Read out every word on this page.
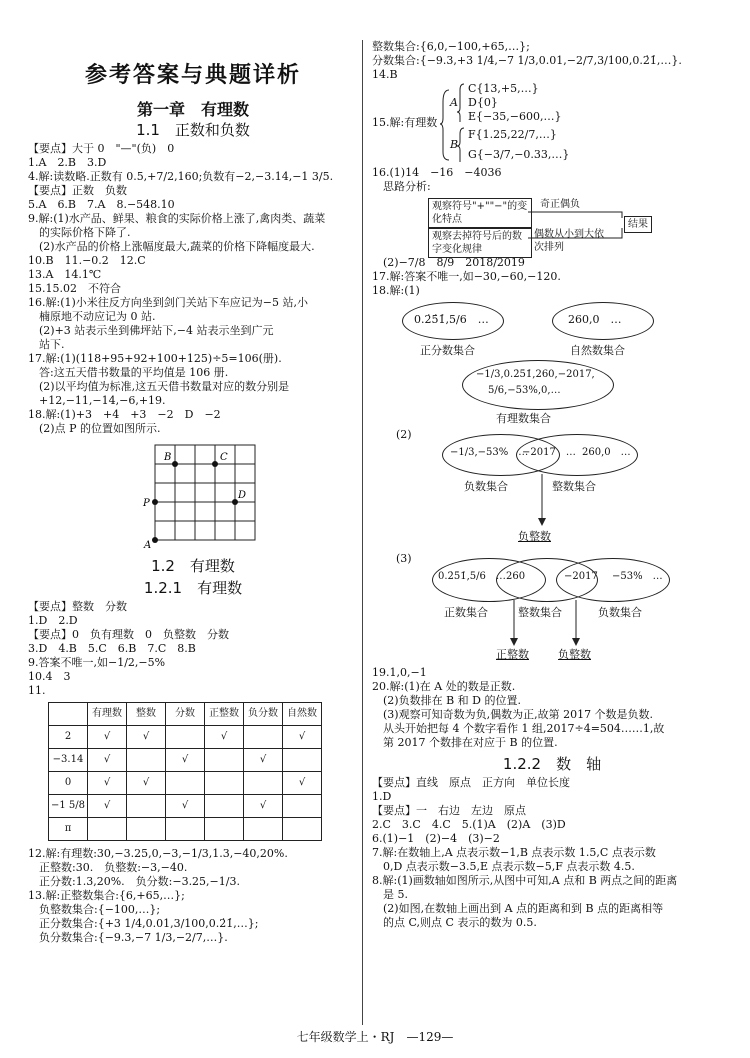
参考答案与典题详析
第一章　有理数
1.1　正数和负数
【要点】大于 0　"—"(负)　0
1.A　2.B　3.D
4.解:读数略.正数有 0.5,+7/2,160;负数有−2,−3.14,−1 3/5.
【要点】正数　负数
5.A　6.B　7.A　8.−548.10
9.解:(1)水产品、鲜果、粮食的实际价格上涨了,禽肉类、蔬菜
　的实际价格下降了.
　(2)水产品的价格上涨幅度最大,蔬菜的价格下降幅度最大.
10.B　11.−0.2　12.C
13.A　14.1℃
15.15.02　不符合
16.解:(1)小米往反方向坐到剑门关站下车应记为−5 站,小
　楠原地不动应记为 0 站.
　(2)+3 站表示坐到佛坪站下,−4 站表示坐到广元
　站下.
17.解:(1)(118+95+92+100+125)÷5=106(册).
　答:这五天借书数量的平均值是 106 册.
　(2)以平均值为标准,这五天借书数量对应的数分别是
　+12,−11,−14,−6,+19.
18.解:(1)+3　+4　+3　−2　D　−2
　(2)点 P 的位置如图所示.
A
B	C
P
D
1.2　有理数
1.2.1　有理数
【要点】整数　分数
1.D　2.D
【要点】0　负有理数　0　负整数　分数
3.D　4.B　5.C　6.B　7.C　8.B
9.答案不唯一,如−1/2,−5%
10.4　3
11.
	有理数	整数	分数	正整数	负分数	自然数
2	√	√		√		√
−3.14	√		√		√	
0	√	√				√
−1 5/8	√		√		√	
π						
12.解:有理数:30,−3.25,0,−3,−1/3,1.3,−40,20%.
　正整数:30.　负整数:−3,−40.
　正分数:1.3,20%.　负分数:−3.25,−1/3.
13.解:正整数集合:{6,+65,…};
　负整数集合:{−100,…};
　正分数集合:{+3 1/4,0.01,3/100,0.2̇1̇,…};
　负分数集合:{−9.3,−7 1/3,−2/7,…}.
整数集合:{6,0,−100,+65,…};
分数集合:{−9.3,+3 1/4,−7 1/3,0.01,−2/7,3/100,0.2̇1̇,…}.
14.B
15.解:有理数
A
B
C{13,+5,…}
D{0}
E{−35,−600,…}
F{1.25,22/7,…}
G{−3/7,−0.33,…}
16.(1)14　−16　−4036
　思路分析:
观察符号"+""−"的变化特点
观察去掉符号后的数字变化规律
奇正偶负
偶数从小到大依次排列
结果
　(2)−7/8　8/9　2018/2019
17.解:答案不唯一,如−30,−60,−120.
18.解:(1)
0.2̇5̇1̇,5/6　…
正分数集合
260,0　…
自然数集合
−1/3,0.2̇5̇1̇,260,−2017,
5/6,−53%,0,…
有理数集合
(2)
−1/3,−53%　…
−2017　… 260,0　…
负数集合	整数集合
负整数
(3)
0.2̇5̇1̇,5/6　… 260	−2017 −53%　…
正数集合	整数集合	负数集合
正整数	负整数
19.1,0,−1
20.解:(1)在 A 处的数是正数.
　(2)负数排在 B 和 D 的位置.
　(3)观察可知奇数为负,偶数为正,故第 2017 个数是负数.
　从头开始把每 4 个数字看作 1 组,2017÷4=504……1,故
　第 2017 个数排在对应于 B 的位置.
1.2.2　数　轴
【要点】直线　原点　正方向　单位长度
1.D
【要点】一　右边　左边　原点
2.C　3.C　4.C　5.(1)A　(2)A　(3)D
6.(1)−1　(2)−4　(3)−2
7.解:在数轴上,A 点表示数−1,B 点表示数 1.5,C 点表示数
　0,D 点表示数−3.5,E 点表示数−5,F 点表示数 4.5.
8.解:(1)画数轴如图所示,从图中可知,A 点和 B 两点之间的距离
　是 5.
　(2)如图,在数轴上画出到 A 点的距离和到 B 点的距离相等
　的点 C,则点 C 表示的数为 0.5.
七年级数学上・RJ　—129—
